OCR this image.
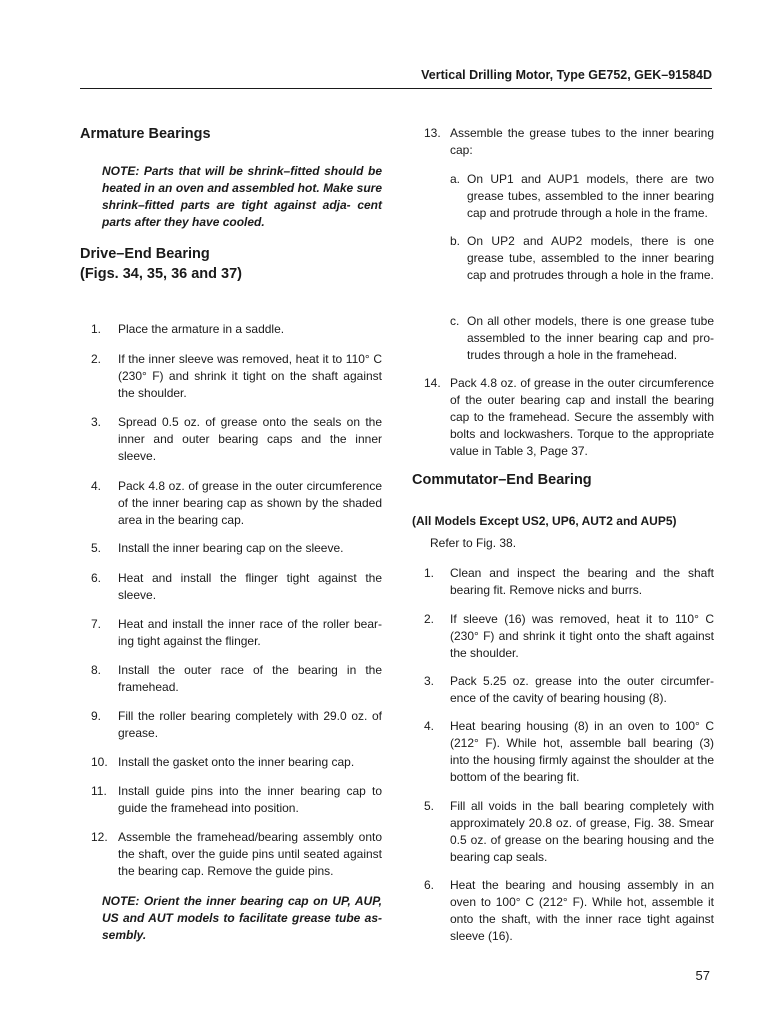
Vertical Drilling Motor, Type GE752, GEK–91584D
Armature Bearings
NOTE: Parts that will be shrink–fitted should be heated in an oven and assembled hot. Make sure shrink–fitted parts are tight against adja- cent parts after they have cooled.
Drive–End Bearing
(Figs. 34, 35, 36 and 37)
1. Place the armature in a saddle.
2. If the inner sleeve was removed, heat it to 110° C (230° F) and shrink it tight on the shaft against the shoulder.
3. Spread 0.5 oz. of grease onto the seals on the inner and outer bearing caps and the inner sleeve.
4. Pack 4.8 oz. of grease in the outer circumference of the inner bearing cap as shown by the shaded area in the bearing cap.
5. Install the inner bearing cap on the sleeve.
6. Heat and install the flinger tight against the sleeve.
7. Heat and install the inner race of the roller bear- ing tight against the flinger.
8. Install the outer race of the bearing in the framehead.
9. Fill the roller bearing completely with 29.0 oz. of grease.
10. Install the gasket onto the inner bearing cap.
11. Install guide pins into the inner bearing cap to guide the framehead into position.
12. Assemble the framehead/bearing assembly onto the shaft, over the guide pins until seated against the bearing cap. Remove the guide pins.
NOTE: Orient the inner bearing cap on UP, AUP, US and AUT models to facilitate grease tube as- sembly.
13. Assemble the grease tubes to the inner bearing cap:
a. On UP1 and AUP1 models, there are two grease tubes, assembled to the inner bearing cap and protrude through a hole in the frame.
b. On UP2 and AUP2 models, there is one grease tube, assembled to the inner bearing cap and protrudes through a hole in the frame.
c. On all other models, there is one grease tube assembled to the inner bearing cap and pro- trudes through a hole in the framehead.
14. Pack 4.8 oz. of grease in the outer circumference of the outer bearing cap and install the bearing cap to the framehead. Secure the assembly with bolts and lockwashers. Torque to the appropriate value in Table 3, Page 37.
Commutator–End Bearing
(All Models Except US2, UP6, AUT2 and AUP5)
Refer to Fig. 38.
1. Clean and inspect the bearing and the shaft bearing fit. Remove nicks and burrs.
2. If sleeve (16) was removed, heat it to 110° C (230° F) and shrink it tight onto the shaft against the shoulder.
3. Pack 5.25 oz. grease into the outer circumfer- ence of the cavity of bearing housing (8).
4. Heat bearing housing (8) in an oven to 100° C (212° F). While hot, assemble ball bearing (3) into the housing firmly against the shoulder at the bottom of the bearing fit.
5. Fill all voids in the ball bearing completely with approximately 20.8 oz. of grease, Fig. 38. Smear 0.5 oz. of grease on the bearing housing and the bearing cap seals.
6. Heat the bearing and housing assembly in an oven to 100° C (212° F). While hot, assemble it onto the shaft, with the inner race tight against sleeve (16).
57
